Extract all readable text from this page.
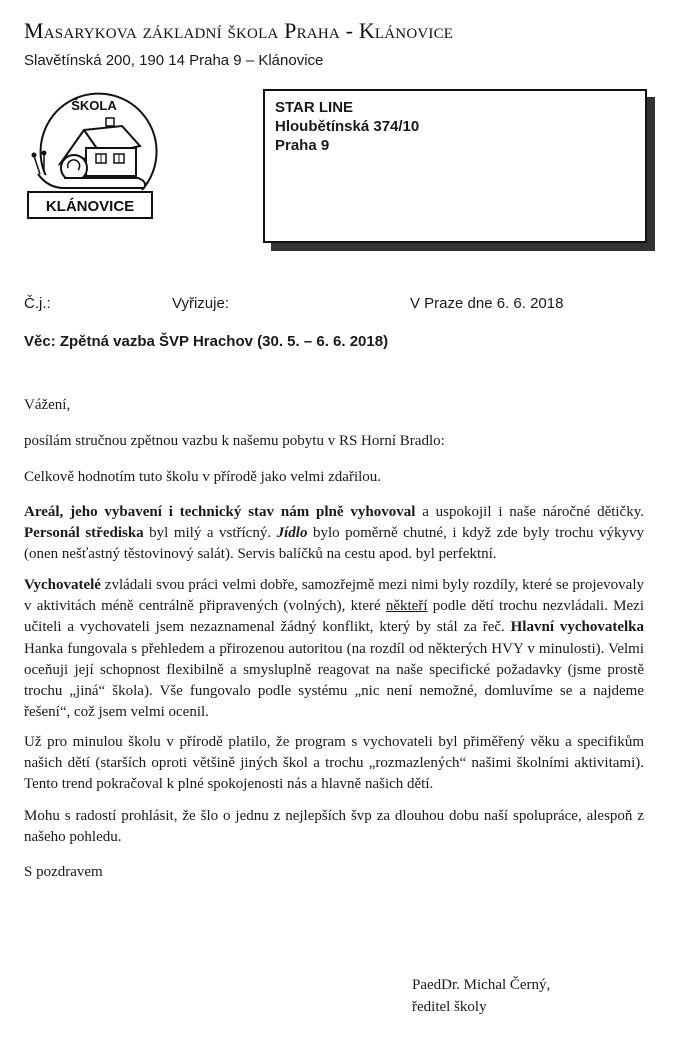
Masarykova základní škola Praha - Klánovice
Slavětínská 200, 190 14 Praha 9 – Klánovice
ŠKOLA
KLÁNOVICE
STAR LINE
Hloubětínská 374/10
Praha 9
Č.j.:	Vyřizuje:	V Praze dne 6. 6. 2018
Věc: Zpětná vazba ŠVP Hrachov (30. 5. – 6. 6. 2018)
Vážení,
posílám stručnou zpětnou vazbu k našemu pobytu v RS Horní Bradlo:
Celkově hodnotím tuto školu v přírodě jako velmi zdařilou.
Areál, jeho vybavení i technický stav nám plně vyhovoval a uspokojil i naše náročné dětičky. Personál střediska byl milý a vstřícný. Jídlo bylo poměrně chutné, i když zde byly trochu výkyvy (onen nešťastný těstovinový salát). Servis balíčků na cestu apod. byl perfektní.
Vychovatelé zvládali svou práci velmi dobře, samozřejmě mezi nimi byly rozdíly, které se projevovaly v aktivitách méně centrálně připravených (volných), které někteří podle dětí trochu nezvládali. Mezi učiteli a vychovateli jsem nezaznamenal žádný konflikt, který by stál za řeč. Hlavní vychovatelka Hanka fungovala s přehledem a přirozenou autoritou (na rozdíl od některých HVY v minulosti). Velmi oceňuji její schopnost flexibilně a smysluplně reagovat na naše specifické požadavky (jsme prostě trochu „jiná“ škola). Vše fungovalo podle systému „nic není nemožné, domluvíme se a najdeme řešení“, což jsem velmi ocenil.
Už pro minulou školu v přírodě platilo, že program s vychovateli byl přiměřený věku a specifikům našich dětí (starších oproti většině jiných škol a trochu „rozmazlených“ našimi školními aktivitami). Tento trend pokračoval k plné spokojenosti nás a hlavně našich dětí.
Mohu s radostí prohlásit, že šlo o jednu z nejlepších švp za dlouhou dobu naší spolupráce, alespoň z našeho pohledu.
S pozdravem
PaedDr. Michal Černý,
ředitel školy
